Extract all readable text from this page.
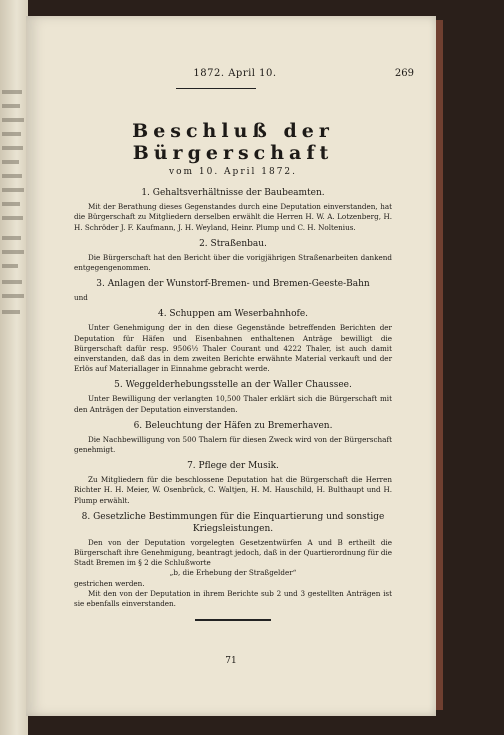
1872. April 10.	269
Beschluß der Bürgerschaft
vom 10. April 1872.
1. Gehaltsverhältnisse der Baubeamten.

Mit der Berathung dieses Gegenstandes durch eine Deputation einverstanden, hat die Bürgerschaft zu Mitgliedern derselben erwählt die Herren H. W. A. Lotzenberg, H. H. Schröder J. F. Kaufmann, J. H. Weyland, Heinr. Plump und C. H. Noltenius.

2. Straßenbau.

Die Bürgerschaft hat den Bericht über die vorigjährigen Straßenarbeiten dankend entgegengenommen.

3. Anlagen der Wunstorf-Bremen- und Bremen-Geeste-Bahn

und

4. Schuppen am Weserbahnhofe.

Unter Genehmigung der in den diese Gegenstände betreffenden Berichten der Deputation für Häfen und Eisenbahnen enthaltenen Anträge bewilligt die Bürgerschaft dafür resp. 9506½ Thaler Courant und 4222 Thaler, ist auch damit einverstanden, daß das in dem zweiten Berichte erwähnte Material verkauft und der Erlös auf Materiallager in Einnahme gebracht werde.

5. Weggelderhebungsstelle an der Waller Chaussee.

Unter Bewilligung der verlangten 10,500 Thaler erklärt sich die Bürgerschaft mit den Anträgen der Deputation einverstanden.

6. Beleuchtung der Häfen zu Bremerhaven.

Die Nachbewilligung von 500 Thalern für diesen Zweck wird von der Bürgerschaft genehmigt.

7. Pflege der Musik.

Zu Mitgliedern für die beschlossene Deputation hat die Bürgerschaft die Herren Richter H. H. Meier, W. Osenbrück, C. Waltjen, H. M. Hauschild, H. Bulthaupt und H. Plump erwählt.

8. Gesetzliche Bestimmungen für die Einquartierung und sonstige Kriegsleistungen.

Den von der Deputation vorgelegten Gesetzentwürfen A und B ertheilt die Bürgerschaft ihre Genehmigung, beantragt jedoch, daß in der Quartierordnung für die Stadt Bremen im § 2 die Schlußworte

„b, die Erhebung der Straßgelder“

gestrichen werden.

Mit den von der Deputation in ihrem Berichte sub 2 und 3 gestellten Anträgen ist sie ebenfalls einverstanden.

71
